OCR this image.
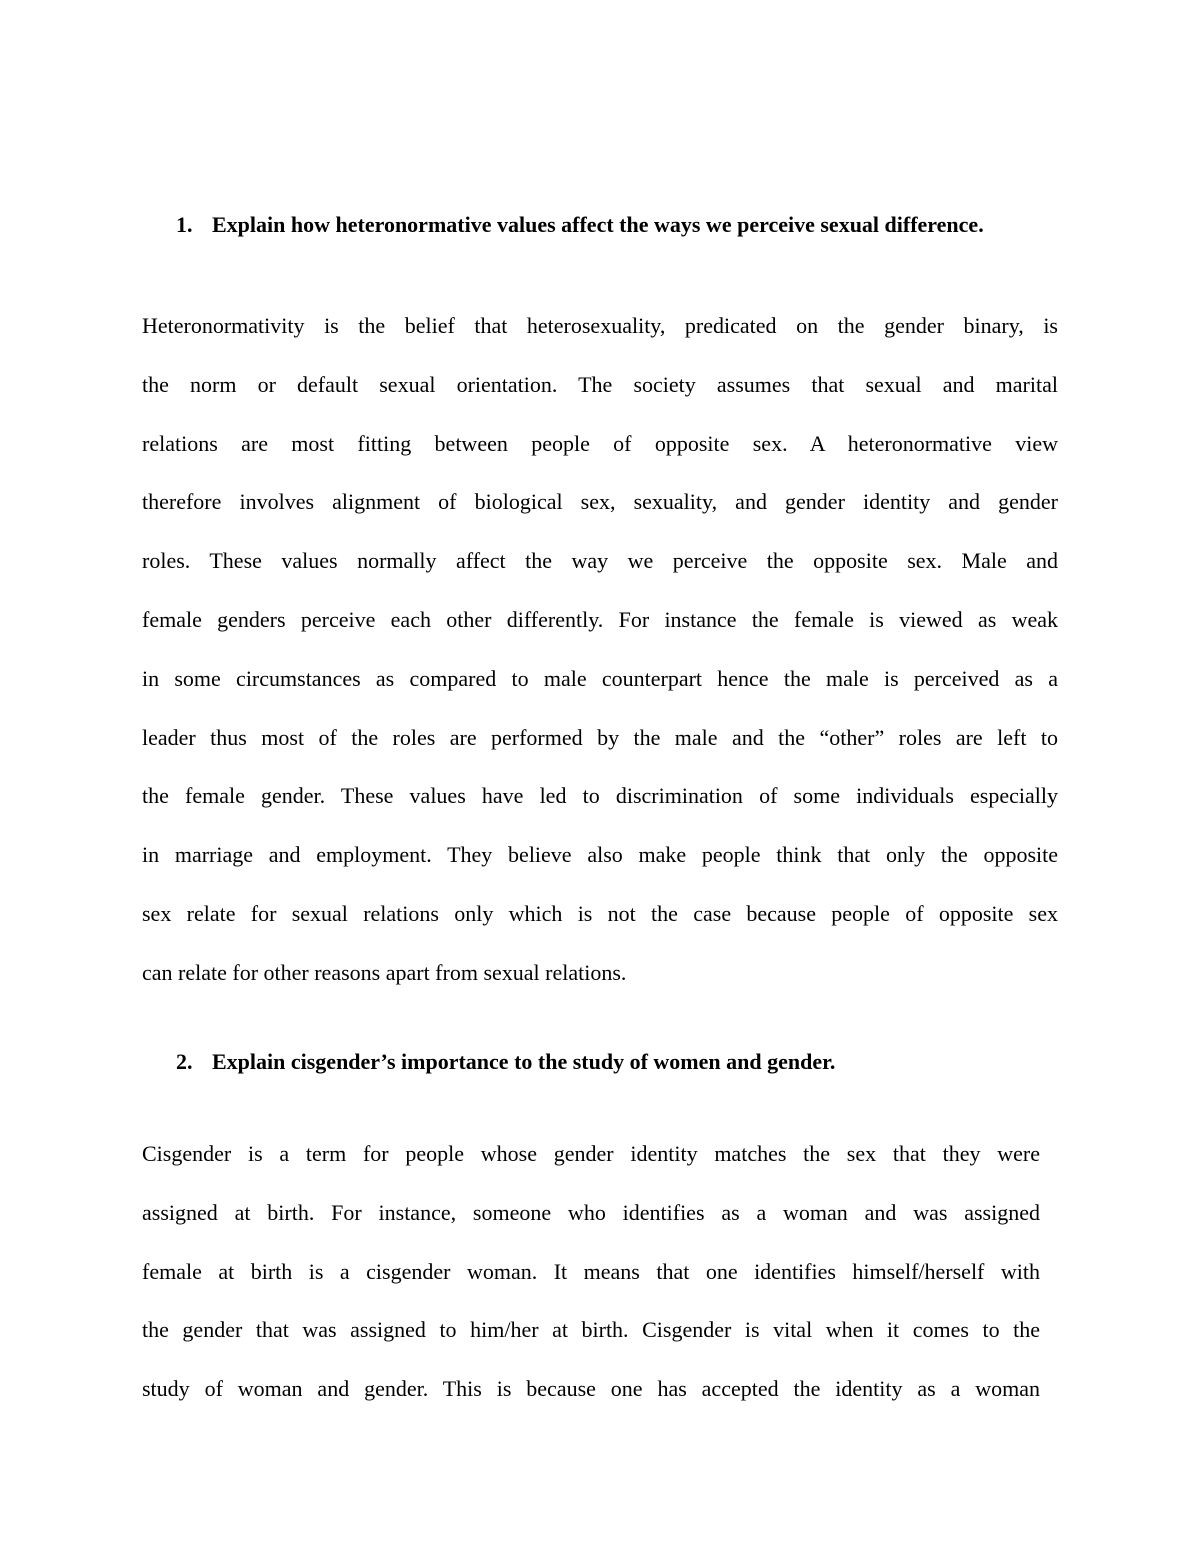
1. Explain how heteronormative values affect the ways we perceive sexual difference.
Heteronormativity is the belief that heterosexuality, predicated on the gender binary, is
the norm or default sexual orientation. The society assumes that sexual and marital
relations are most fitting between people of opposite sex. A heteronormative view
therefore involves alignment of biological sex, sexuality, and gender identity and gender
roles. These values normally affect the way we perceive the opposite sex. Male and
female genders perceive each other differently. For instance the female is viewed as weak
in some circumstances as compared to male counterpart hence the male is perceived as a
leader thus most of the roles are performed by the male and the “other” roles are left to
the female gender. These values have led to discrimination of some individuals especially
in marriage and employment. They believe also make people think that only the opposite
sex relate for sexual relations only which is not the case because people of opposite sex
can relate for other reasons apart from sexual relations.
2. Explain cisgender’s importance to the study of women and gender.
Cisgender is a term for people whose gender identity matches the sex that they were
assigned at birth. For instance, someone who identifies as a woman and was assigned
female at birth is a cisgender woman. It means that one identifies himself/herself with
the gender that was assigned to him/her at birth. Cisgender is vital when it comes to the
study of woman and gender. This is because one has accepted the identity as a woman
